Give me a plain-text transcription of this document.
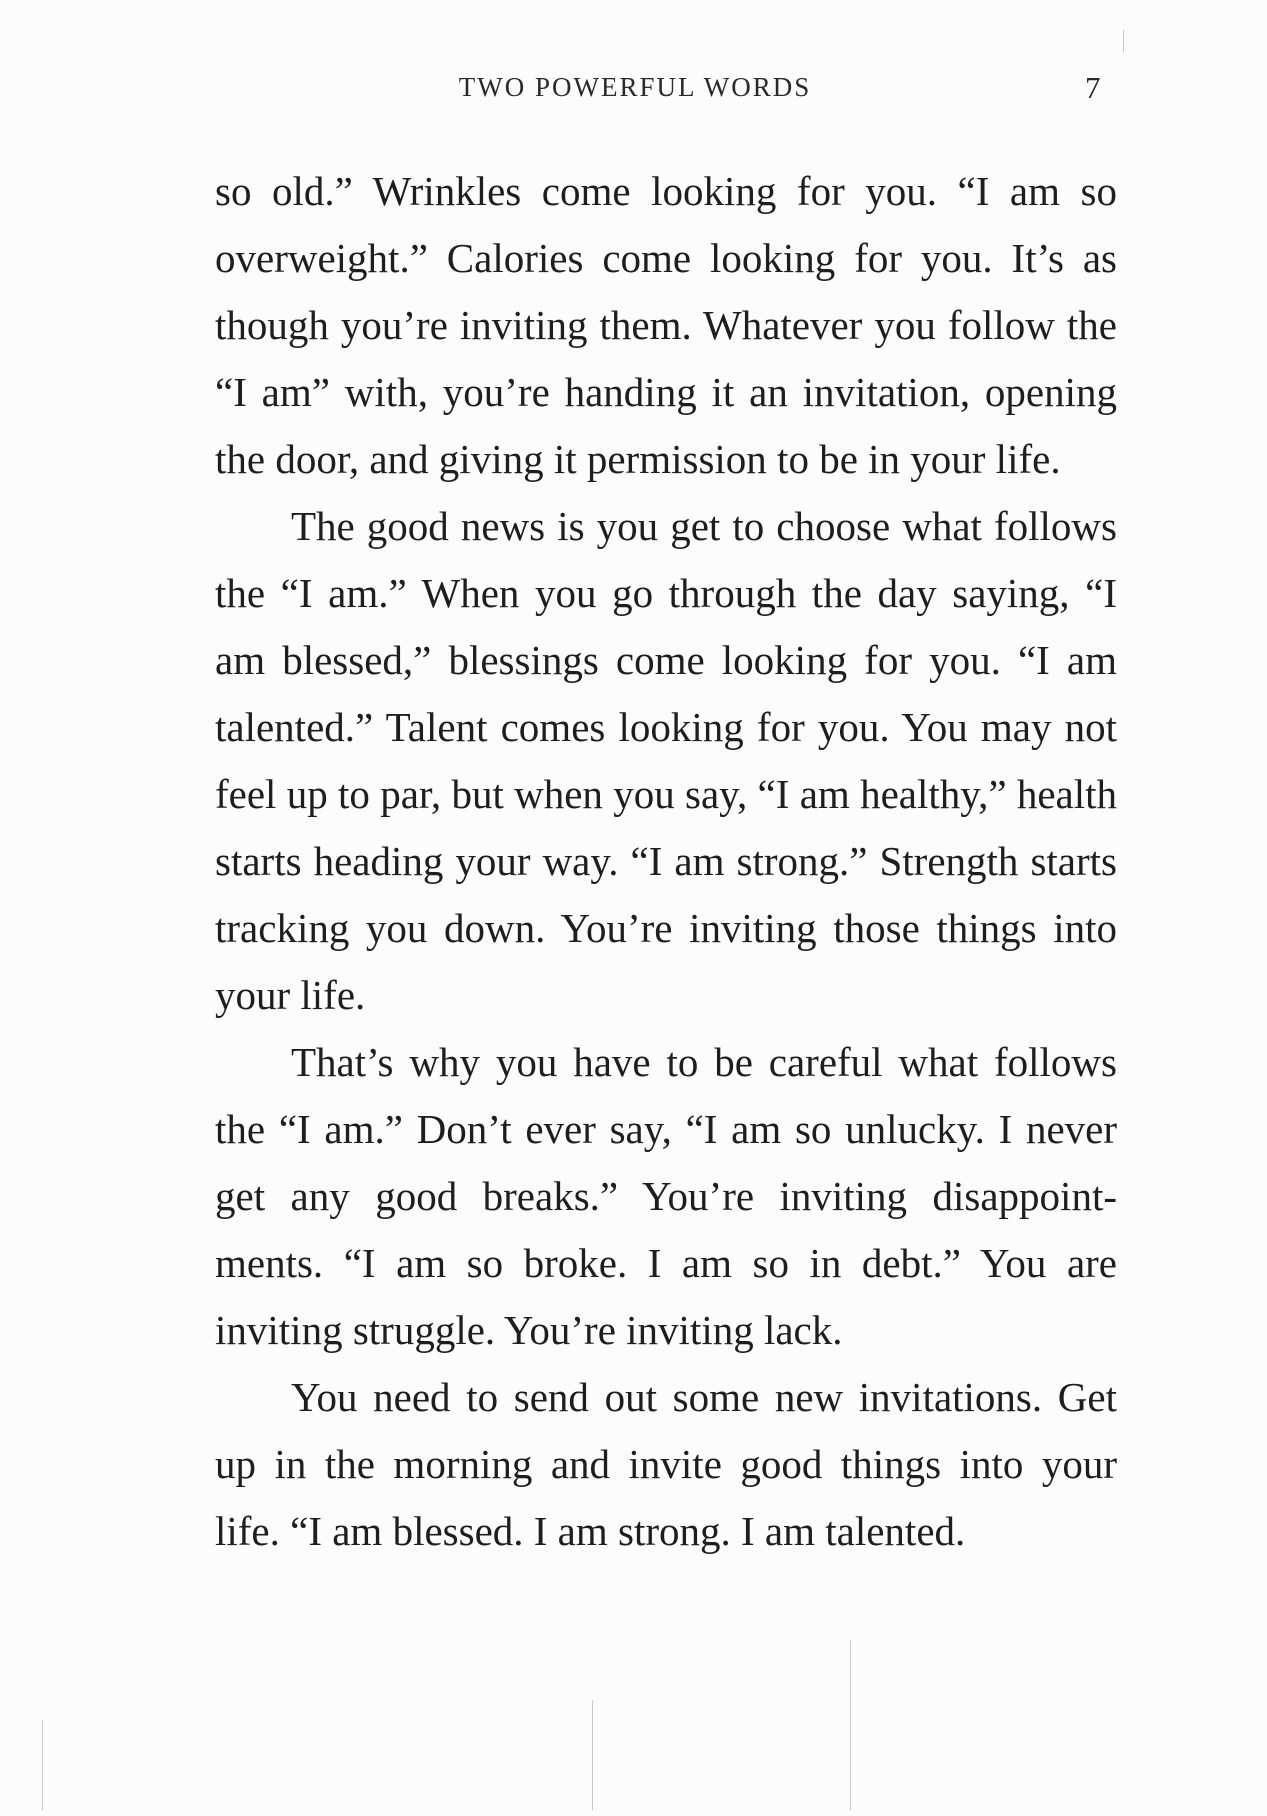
TWO POWERFUL WORDS	7

so old.” Wrinkles come looking for you. “I am so overweight.” Calories come looking for you. It’s as though you’re inviting them. Whatever you follow the “I am” with, you’re handing it an invitation, opening the door, and giving it permission to be in your life.

The good news is you get to choose what follows the “I am.” When you go through the day saying, “I am blessed,” blessings come looking for you. “I am talented.” Talent comes looking for you. You may not feel up to par, but when you say, “I am healthy,” health starts heading your way. “I am strong.” Strength starts tracking you down. You’re inviting those things into your life.

That’s why you have to be careful what follows the “I am.” Don’t ever say, “I am so unlucky. I never get any good breaks.” You’re inviting disappointments. “I am so broke. I am so in debt.” You are inviting struggle. You’re inviting lack.

You need to send out some new invitations. Get up in the morning and invite good things into your life. “I am blessed. I am strong. I am talented.
